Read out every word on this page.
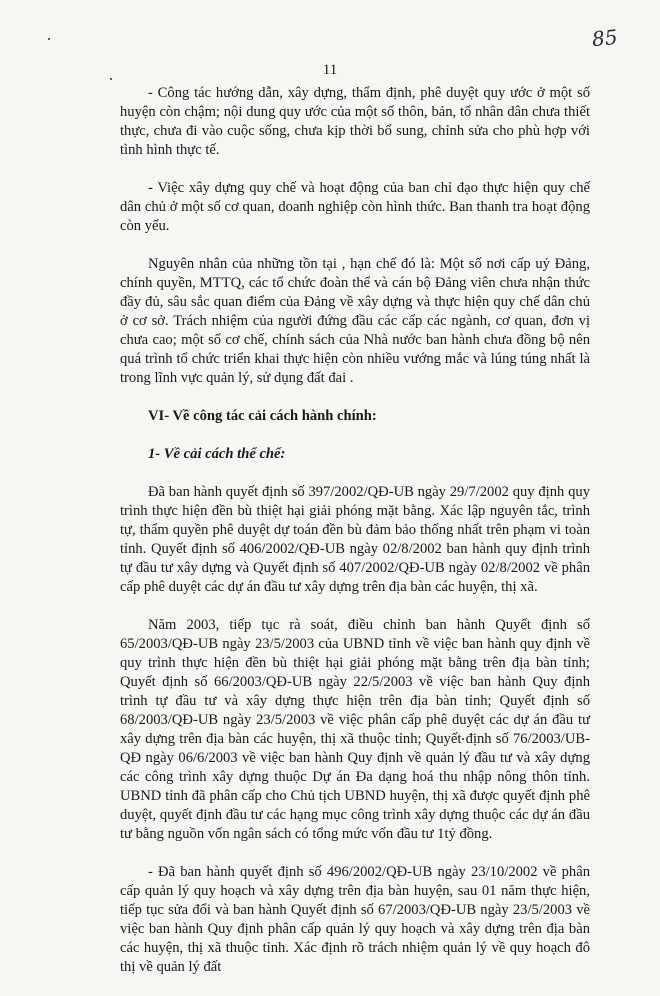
85
11

- Công tác hướng dẫn, xây dựng, thẩm định, phê duyệt quy ước ở một số huyện còn chậm; nội dung quy ước của một số thôn, bản, tổ nhân dân chưa thiết thực, chưa đi vào cuộc sống, chưa kịp thời bổ sung, chỉnh sửa cho phù hợp với tình hình thực tế.

- Việc xây dựng quy chế và hoạt động của ban chỉ đạo thực hiện quy chế dân chủ ở một số cơ quan, doanh nghiệp còn hình thức. Ban thanh tra hoạt động còn yếu.

Nguyên nhân của những tồn tại , hạn chế đó là: Một số nơi cấp uỷ Đảng, chính quyền, MTTQ, các tổ chức đoàn thể và cán bộ Đảng viên chưa nhận thức đầy đủ, sâu sắc quan điểm của Đảng về xây dựng và thực hiện quy chế dân chủ ở cơ sở. Trách nhiệm của người đứng đầu các cấp các ngành, cơ quan, đơn vị chưa cao; một số cơ chế, chính sách của Nhà nước ban hành chưa đồng bộ nên quá trình tổ chức triển khai thực hiện còn nhiều vướng mắc và lúng túng nhất là trong lĩnh vực quản lý, sử dụng đất đai .

VI- Về công tác cải cách hành chính:

1- Về cải cách thể chế:

Đã ban hành quyết định số 397/2002/QĐ-UB ngày 29/7/2002 quy định quy trình thực hiện đền bù thiệt hại giải phóng mặt bằng. Xác lập nguyên tắc, trình tự, thẩm quyền phê duyệt dự toán đền bù đảm bảo thống nhất trên phạm vi toàn tỉnh. Quyết định số 406/2002/QĐ-UB ngày 02/8/2002 ban hành quy định trình tự đầu tư xây dựng và Quyết định số 407/2002/QĐ-UB ngày 02/8/2002 về phân cấp phê duyệt các dự án đầu tư xây dựng trên địa bàn các huyện, thị xã.

Năm 2003, tiếp tục rà soát, điều chỉnh ban hành Quyết định số 65/2003/QĐ-UB ngày 23/5/2003 của UBND tỉnh về việc ban hành quy định về quy trình thực hiện đền bù thiệt hại giải phóng mặt bằng trên địa bàn tỉnh; Quyết định số 66/2003/QĐ-UB ngày 22/5/2003 về việc ban hành Quy định trình tự đầu tư và xây dựng thực hiện trên địa bàn tỉnh; Quyết định số 68/2003/QĐ-UB ngày 23/5/2003 về việc phân cấp phê duyệt các dự án đầu tư xây dựng trên địa bàn các huyện, thị xã thuộc tỉnh; Quyết định số 76/2003/UB-QĐ ngày 06/6/2003 về việc ban hành Quy định về quản lý đầu tư và xây dựng các công trình xây dựng thuộc Dự án Đa dạng hoá thu nhập nông thôn tỉnh. UBND tỉnh đã phân cấp cho Chủ tịch UBND huyện, thị xã được quyết định phê duyệt, quyết định đầu tư các hạng mục công trình xây dựng thuộc các dự án đầu tư bằng nguồn vốn ngân sách có tổng mức vốn đầu tư 1tỷ đồng.

- Đã ban hành quyết định số 496/2002/QĐ-UB ngày 23/10/2002 về phân cấp quản lý quy hoạch và xây dựng trên địa bàn huyện, sau 01 năm thực hiện, tiếp tục sửa đổi và ban hành Quyết định số 67/2003/QĐ-UB ngày 23/5/2003 về việc ban hành Quy định phân cấp quản lý quy hoạch và xây dựng trên địa bàn các huyện, thị xã thuộc tỉnh. Xác định rõ trách nhiệm quản lý về quy hoạch đô thị về quản lý đất
